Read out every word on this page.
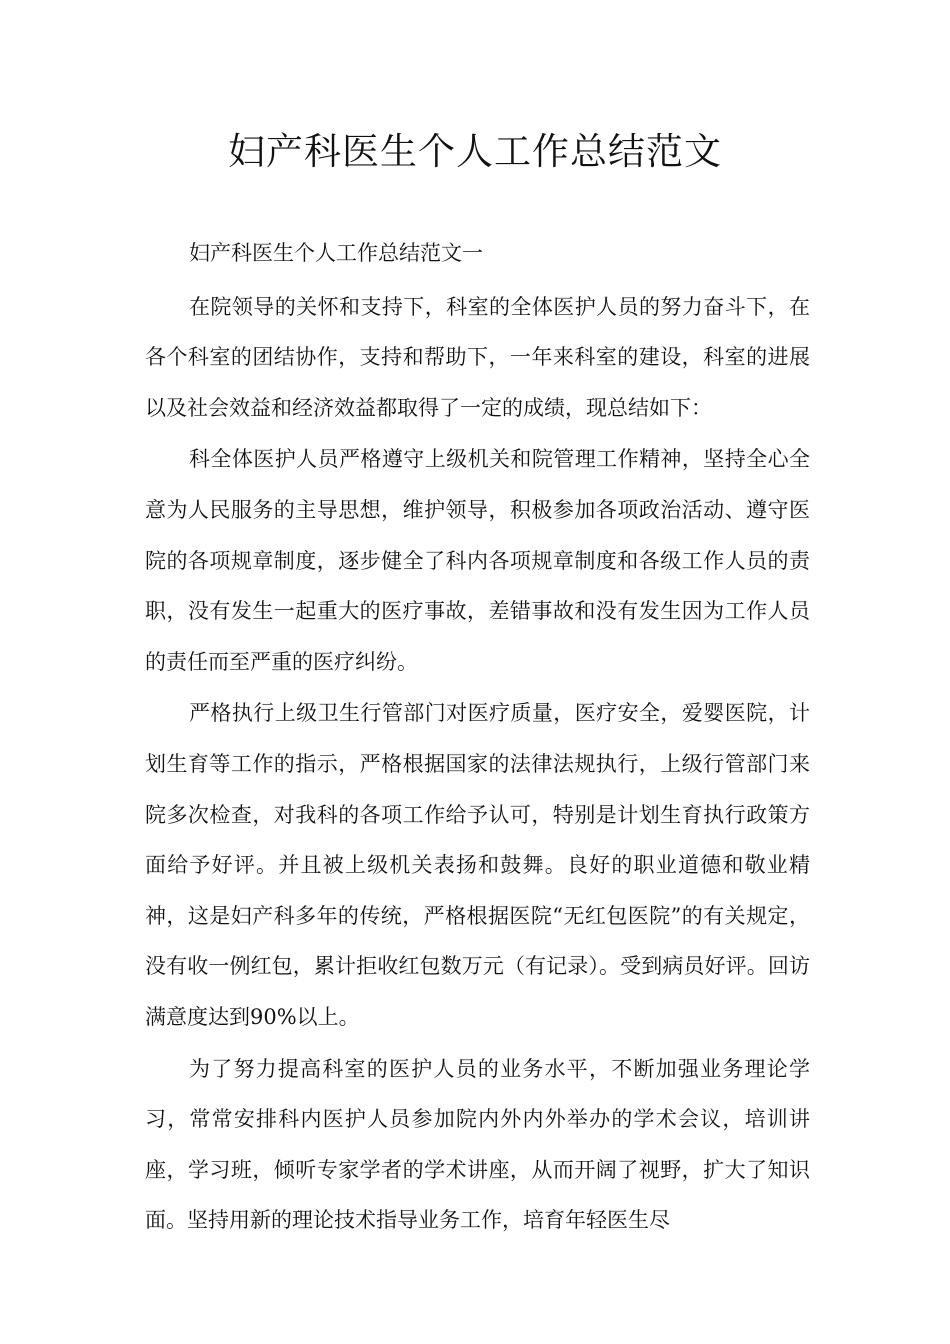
妇产科医生个人工作总结范文

妇产科医生个人工作总结范文一

在院领导的关怀和支持下，科室的全体医护人员的努力奋斗下，在各个科室的团结协作，支持和帮助下，一年来科室的建设，科室的进展以及社会效益和经济效益都取得了一定的成绩，现总结如下：

科全体医护人员严格遵守上级机关和院管理工作精神，坚持全心全意为人民服务的主导思想，维护领导，积极参加各项政治活动、遵守医院的各项规章制度，逐步健全了科内各项规章制度和各级工作人员的责职，没有发生一起重大的医疗事故，差错事故和没有发生因为工作人员的责任而至严重的医疗纠纷。

严格执行上级卫生行管部门对医疗质量，医疗安全，爱婴医院，计划生育等工作的指示，严格根据国家的法律法规执行，上级行管部门来院多次检查，对我科的各项工作给予认可，特别是计划生育执行政策方面给予好评。并且被上级机关表扬和鼓舞。良好的职业道德和敬业精神，这是妇产科多年的传统，严格根据医院“无红包医院”的有关规定，没有收一例红包，累计拒收红包数万元（有记录）。受到病员好评。回访满意度达到90%以上。

为了努力提高科室的医护人员的业务水平，不断加强业务理论学习，常常安排科内医护人员参加院内外内外举办的学术会议，培训讲座，学习班，倾听专家学者的学术讲座，从而开阔了视野，扩大了知识面。坚持用新的理论技术指导业务工作，培育年轻医生尽
